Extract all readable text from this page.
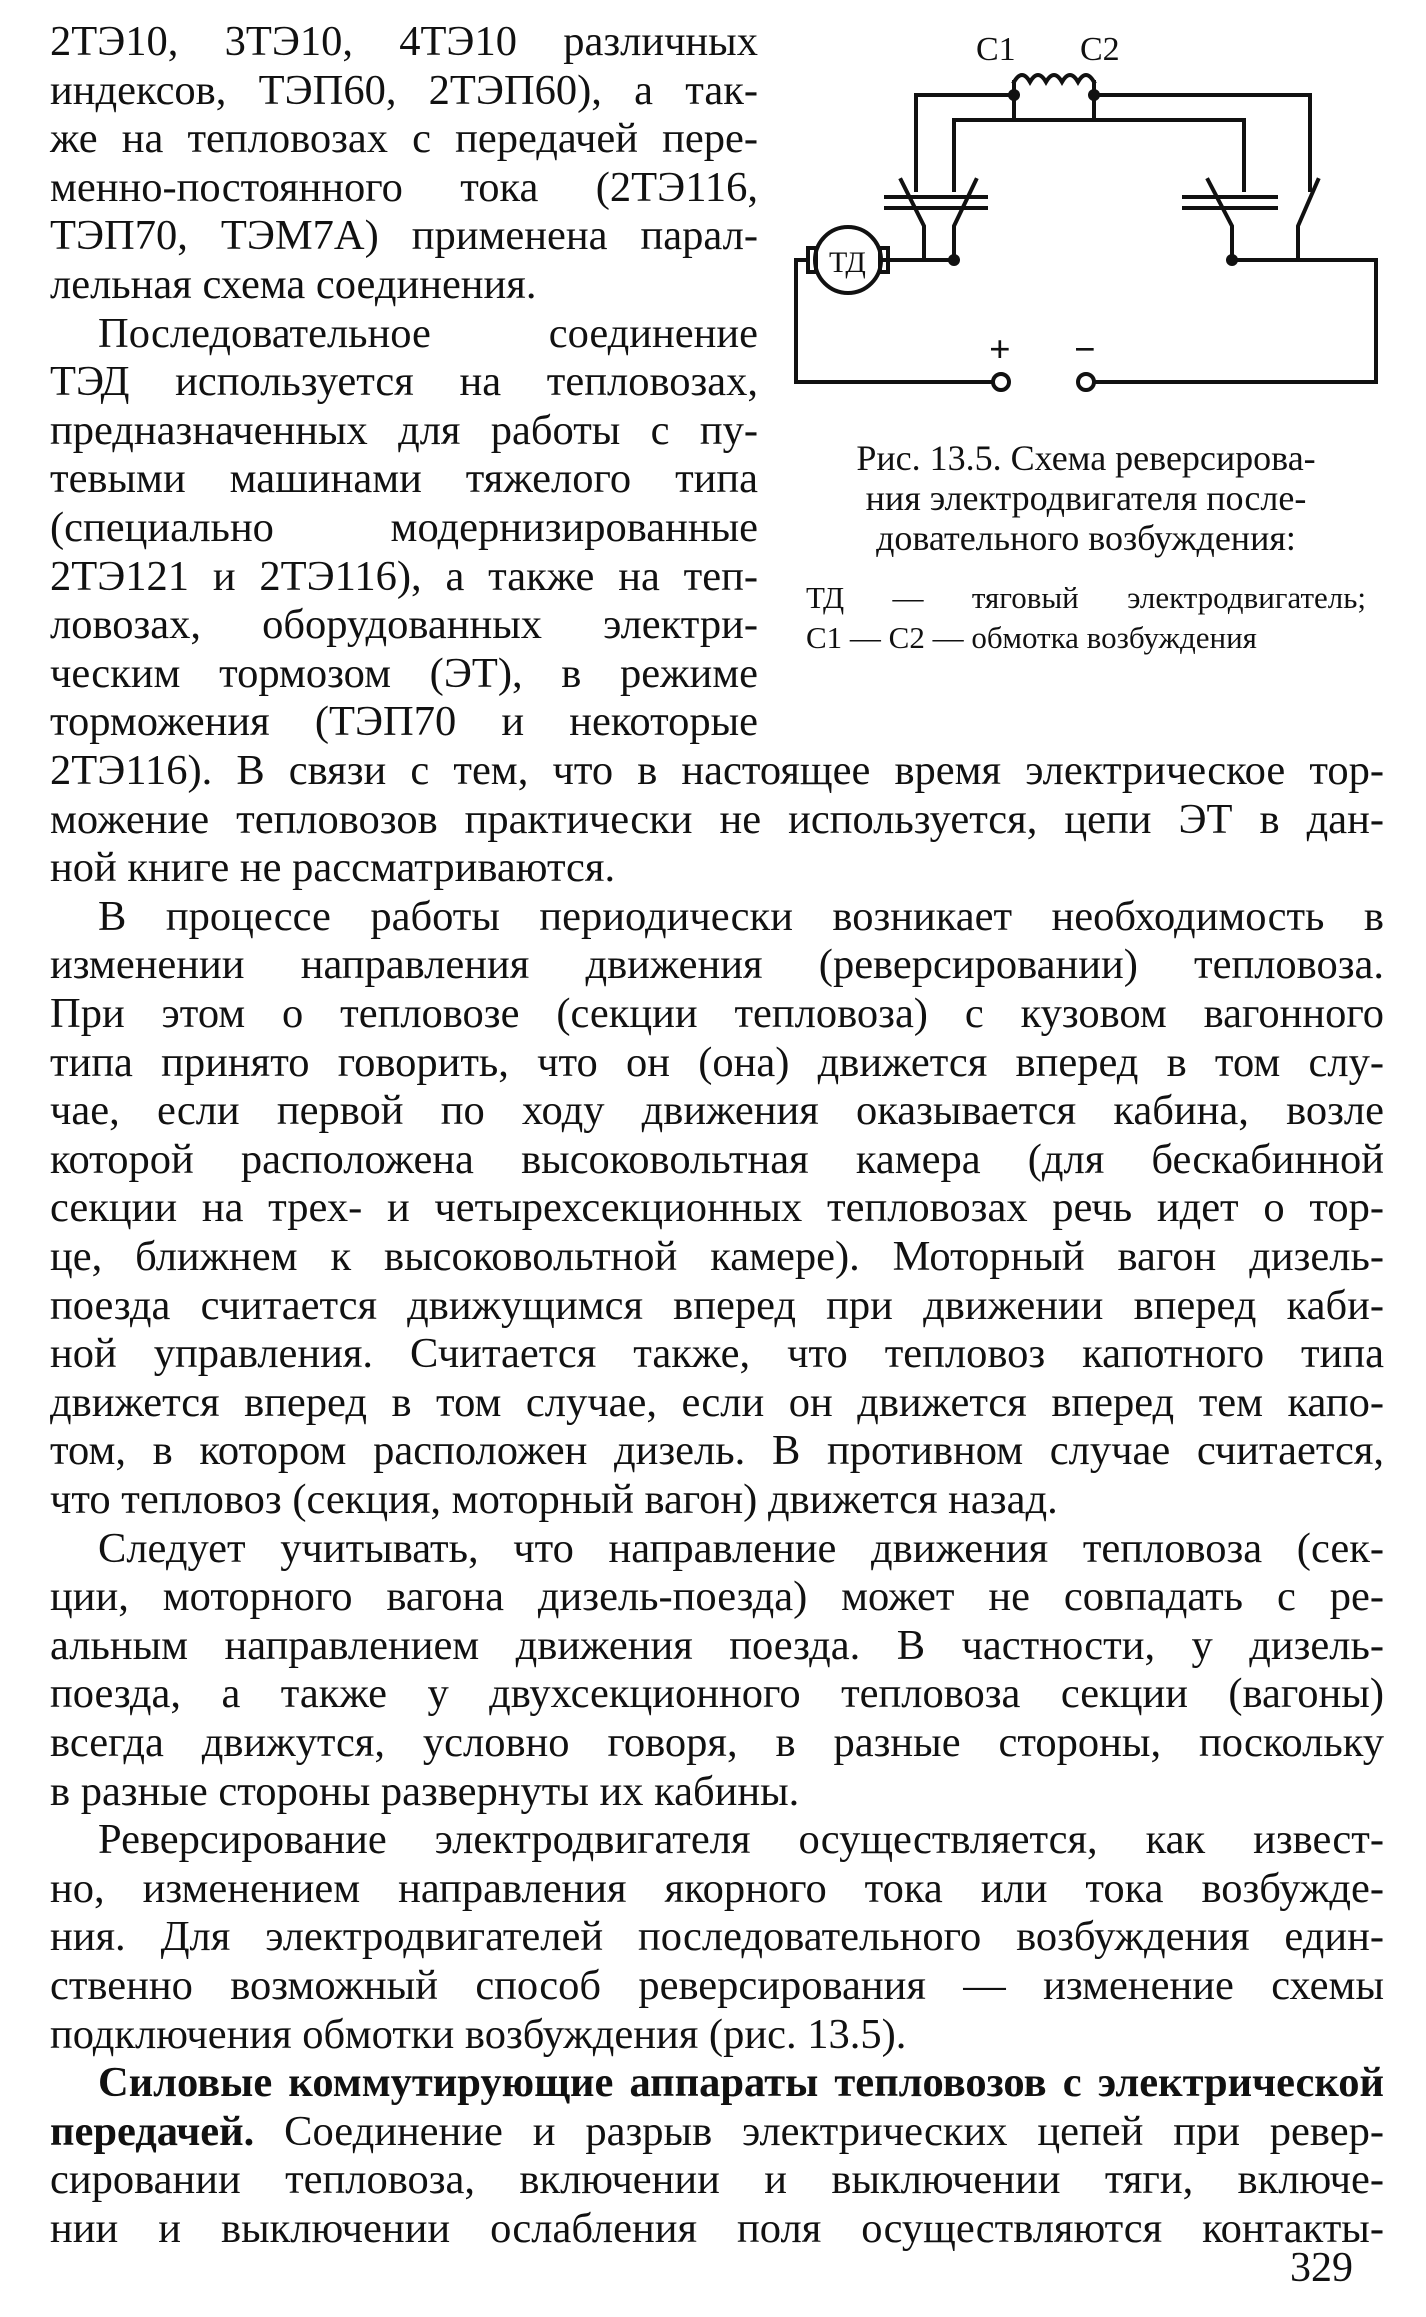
2ТЭ10, 3ТЭ10, 4ТЭ10 различных
индексов, ТЭП60, 2ТЭП60), а так-
же на тепловозах с передачей пере-
менно-постоянного тока (2ТЭ116,
ТЭП70, ТЭМ7А) применена парал-
лельная схема соединения.
Последовательное соединение
ТЭД используется на тепловозах,
предназначенных для работы с пу-
тевыми машинами тяжелого типа
(специально модернизированные
2ТЭ121 и 2ТЭ116), а также на теп-
ловозах, оборудованных электри-
ческим тормозом (ЭТ), в режиме
торможения (ТЭП70 и некоторые
2ТЭ116). В связи с тем, что в настоящее время электрическое тор-
можение тепловозов практически не используется, цепи ЭТ в дан-
ной книге не рассматриваются.
В процессе работы периодически возникает необходимость в
изменении направления движения (реверсировании) тепловоза.
При этом о тепловозе (секции тепловоза) с кузовом вагонного
типа принято говорить, что он (она) движется вперед в том слу-
чае, если первой по ходу движения оказывается кабина, возле
которой расположена высоковольтная камера (для бескабинной
секции на трех- и четырехсекционных тепловозах речь идет о тор-
це, ближнем к высоковольтной камере). Моторный вагон дизель-
поезда считается движущимся вперед при движении вперед каби-
ной управления. Считается также, что тепловоз капотного типа
движется вперед в том случае, если он движется вперед тем капо-
том, в котором расположен дизель. В противном случае считается,
что тепловоз (секция, моторный вагон) движется назад.
Следует учитывать, что направление движения тепловоза (сек-
ции, моторного вагона дизель-поезда) может не совпадать с ре-
альным направлением движения поезда. В частности, у дизель-
поезда, а также у двухсекционного тепловоза секции (вагоны)
всегда движутся, условно говоря, в разные стороны, поскольку
в разные стороны развернуты их кабины.
Реверсирование электродвигателя осуществляется, как извест-
но, изменением направления якорного тока или тока возбужде-
ния. Для электродвигателей последовательного возбуждения един-
ственно возможный способ реверсирования — изменение схемы
подключения обмотки возбуждения (рис. 13.5).
Силовые коммутирующие аппараты тепловозов с электрической
передачей. Соединение и разрыв электрических цепей при ревер-
сировании тепловоза, включении и выключении тяги, включе-
нии и выключении ослабления поля осуществляются контакты-
С1 С2
ТД
+ −
Рис. 13.5. Схема реверсирова-
ния электродвигателя после-
довательного возбуждения:
ТД — тяговый электродвигатель;
С1 — С2 — обмотка возбуждения
329
